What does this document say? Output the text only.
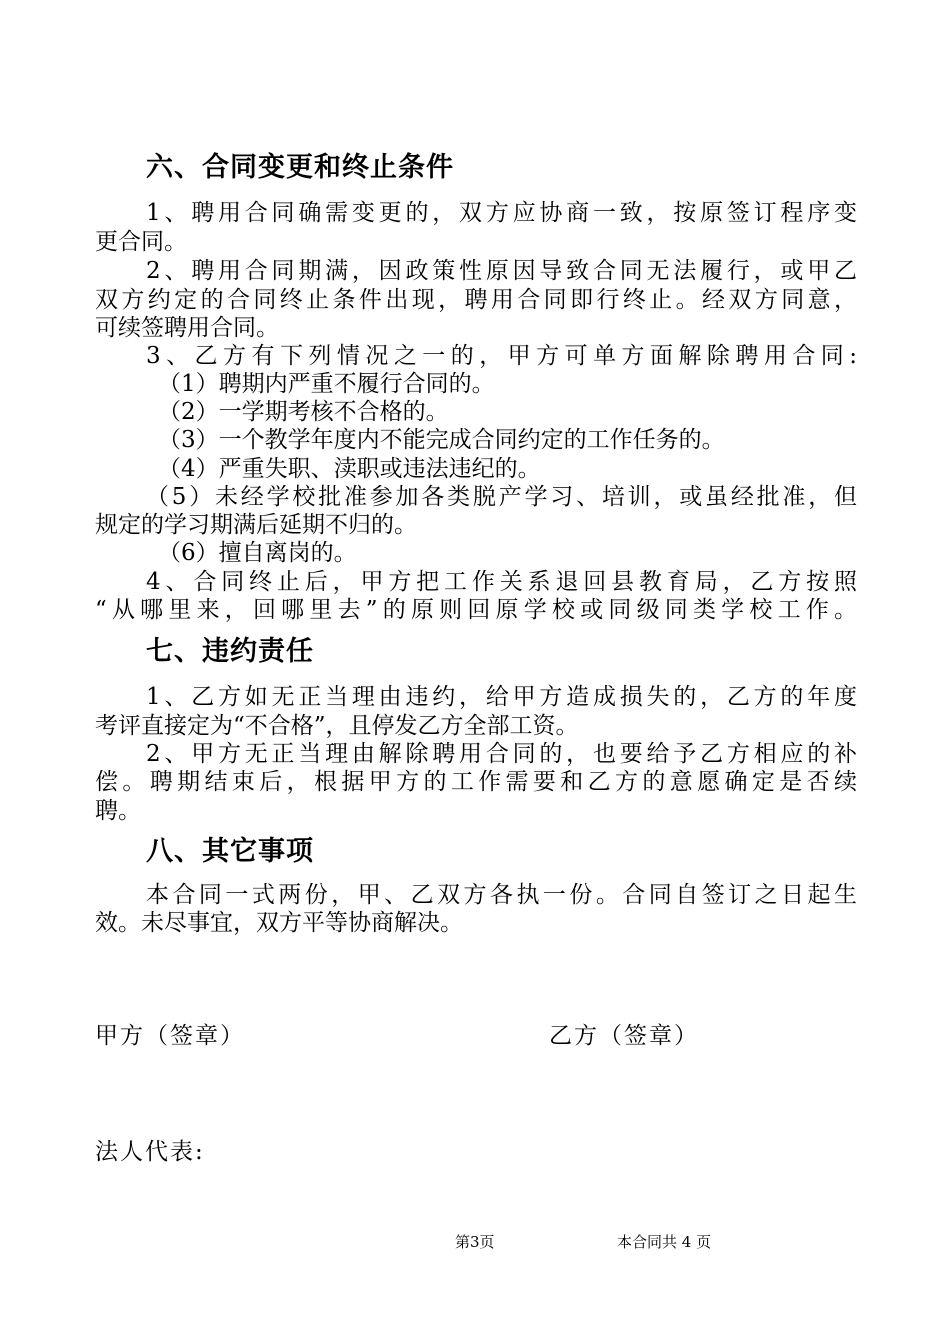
六、合同变更和终止条件
1、聘用合同确需变更的，双方应协商一致，按原签订程序变
更合同。
2、聘用合同期满，因政策性原因导致合同无法履行，或甲乙
双方约定的合同终止条件出现，聘用合同即行终止。经双方同意，
可续签聘用合同。
3、乙方有下列情况之一的，甲方可单方面解除聘用合同:
（1）聘期内严重不履行合同的。
（2）一学期考核不合格的。
（3）一个教学年度内不能完成合同约定的工作任务的。
（4）严重失职、渎职或违法违纪的。
（5）未经学校批准参加各类脱产学习、培训，或虽经批准，但
规定的学习期满后延期不归的。
（6）擅自离岗的。
4、合同终止后，甲方把工作关系退回县教育局，乙方按照
“从哪里来，回哪里去”的原则回原学校或同级同类学校工作。
七、违约责任
1、乙方如无正当理由违约，给甲方造成损失的，乙方的年度
考评直接定为“不合格”，且停发乙方全部工资。
2、甲方无正当理由解除聘用合同的，也要给予乙方相应的补
偿。聘期结束后，根据甲方的工作需要和乙方的意愿确定是否续
聘。
八、其它事项
本合同一式两份，甲、乙双方各执一份。合同自签订之日起生
效。未尽事宜，双方平等协商解决。
甲方（签章）	乙方（签章）
法人代表:
第3页	本合同共 4 页
